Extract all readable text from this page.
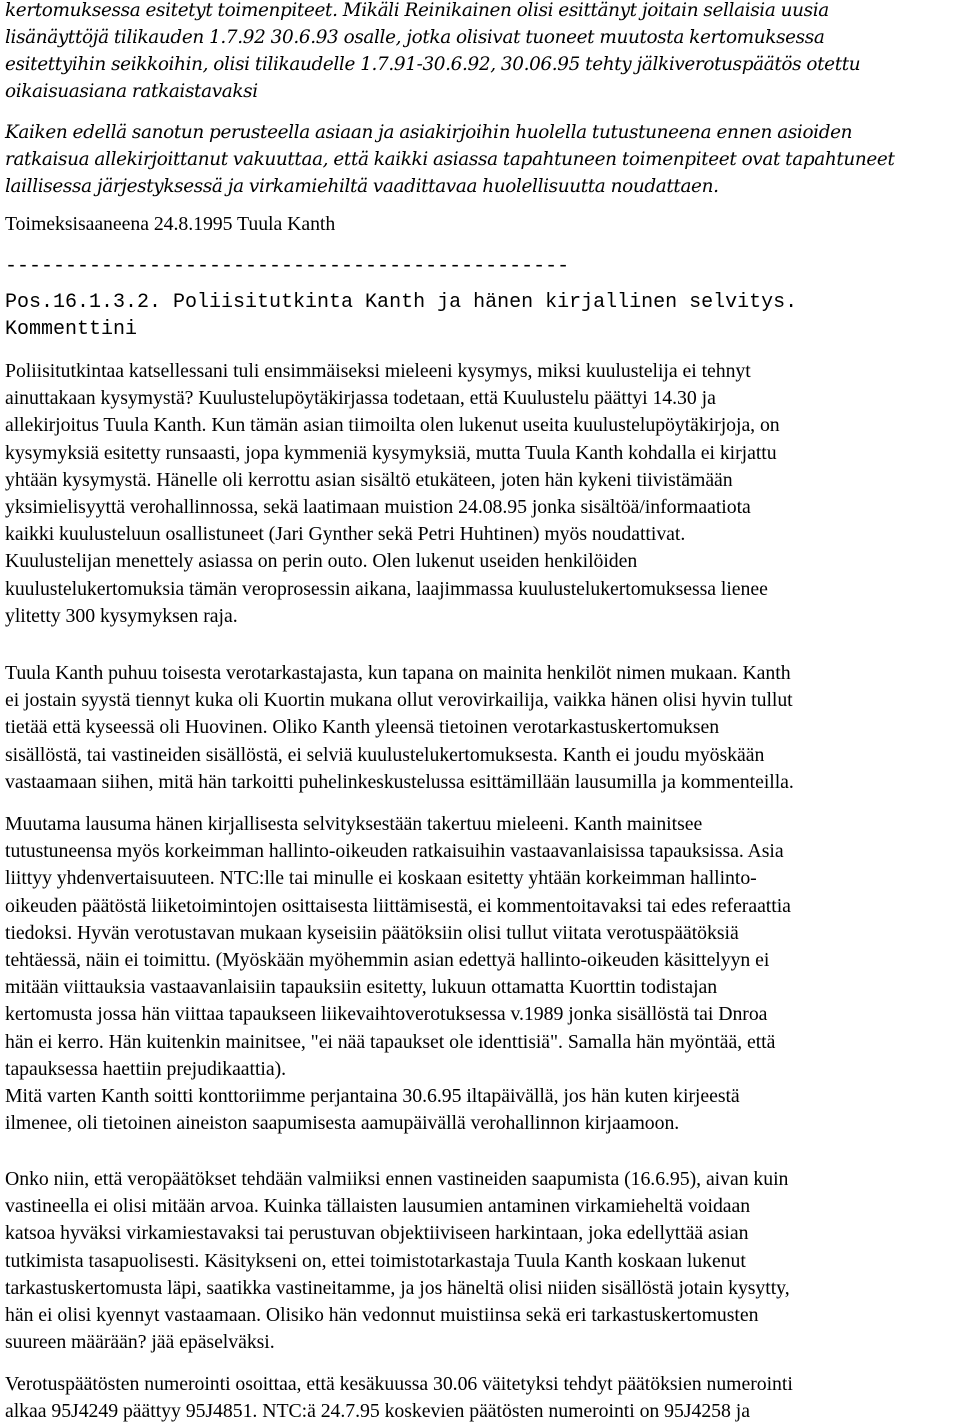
kertomuksessa esitetyt toimenpiteet. Mikäli Reinikainen olisi esittänyt joitain sellaisia uusia
lisänäyttöjä tilikauden 1.7.92 30.6.93 osalle, jotka olisivat tuoneet muutosta kertomuksessa
esitettyihin seikkoihin, olisi tilikaudelle 1.7.91-30.6.92, 30.06.95 tehty jälkiverotuspäätös otettu
oikaisuasiana ratkaistavaksi
Kaiken edellä sanotun perusteella asiaan ja asiakirjoihin huolella tutustuneena ennen asioiden
ratkaisua allekirjoittanut vakuuttaa, että kaikki asiassa tapahtuneen toimenpiteet ovat tapahtuneet
laillisessa järjestyksessä ja virkamiehiltä vaadittavaa huolellisuutta noudattaen.
Toimeksisaaneena 24.8.1995 Tuula Kanth
-----------------------------------------------
Pos.16.1.3.2. Poliisitutkinta Kanth ja hänen kirjallinen selvitys.
Kommenttini
Poliisitutkintaa katsellessani tuli ensimmäiseksi mieleeni kysymys, miksi kuulustelija ei tehnyt
ainuttakaan kysymystä? Kuulustelupöytäkirjassa todetaan, että Kuulustelu päättyi 14.30 ja
allekirjoitus Tuula Kanth. Kun tämän asian tiimoilta olen lukenut useita kuulustelupöytäkirjoja, on
kysymyksiä esitetty runsaasti, jopa kymmeniä kysymyksiä, mutta Tuula Kanth kohdalla ei kirjattu
yhtään kysymystä. Hänelle oli kerrottu asian sisältö etukäteen, joten hän kykeni tiivistämään
yksimielisyyttä verohallinnossa, sekä laatimaan muistion 24.08.95 jonka sisältöä/informaatiota
kaikki kuulusteluun osallistuneet (Jari Gynther sekä Petri Huhtinen) myös noudattivat.
Kuulustelijan menettely asiassa on perin outo. Olen lukenut useiden henkilöiden
kuulustelukertomuksia tämän veroprosessin aikana, laajimmassa kuulustelukertomuksessa lienee
ylitetty 300 kysymyksen raja.
Tuula Kanth puhuu toisesta verotarkastajasta, kun tapana on mainita henkilöt nimen mukaan. Kanth
ei jostain syystä tiennyt kuka oli Kuortin mukana ollut verovirkailija, vaikka hänen olisi hyvin tullut
tietää että kyseessä oli Huovinen. Oliko Kanth yleensä tietoinen verotarkastuskertomuksen
sisällöstä, tai vastineiden sisällöstä, ei selviä kuulustelukertomuksesta. Kanth ei joudu myöskään
vastaamaan siihen, mitä hän tarkoitti puhelinkeskustelussa esittämillään lausumilla ja kommenteilla.
Muutama lausuma hänen kirjallisesta selvityksestään takertuu mieleeni. Kanth mainitsee
tutustuneensa myös korkeimman hallinto-oikeuden ratkaisuihin vastaavanlaisissa tapauksissa. Asia
liittyy yhdenvertaisuuteen. NTC:lle tai minulle ei koskaan esitetty yhtään korkeimman hallinto-
oikeuden päätöstä liiketoimintojen osittaisesta liittämisestä, ei kommentoitavaksi tai edes referaattia
tiedoksi. Hyvän verotustavan mukaan kyseisiin päätöksiin olisi tullut viitata verotuspäätöksiä
tehtäessä, näin ei toimittu. (Myöskään myöhemmin asian edettyä hallinto-oikeuden käsittelyyn ei
mitään viittauksia vastaavanlaisiin tapauksiin esitetty, lukuun ottamatta Kuorttin todistajan
kertomusta jossa hän viittaa tapaukseen liikevaihtoverotuksessa v.1989 jonka sisällöstä tai Dnroa
hän ei kerro. Hän kuitenkin mainitsee, "ei nää tapaukset ole identtisiä". Samalla hän myöntää, että
tapauksessa haettiin prejudikaattia).
Mitä varten Kanth soitti konttoriimme perjantaina 30.6.95 iltapäivällä, jos hän kuten kirjeestä
ilmenee, oli tietoinen aineiston saapumisesta aamupäivällä verohallinnon kirjaamoon.
Onko niin, että veropäätökset tehdään valmiiksi ennen vastineiden saapumista (16.6.95), aivan kuin
vastineella ei olisi mitään arvoa. Kuinka tällaisten lausumien antaminen virkamieheltä voidaan
katsoa hyväksi virkamiestavaksi tai perustuvan objektiiviseen harkintaan, joka edellyttää asian
tutkimista tasapuolisesti. Käsitykseni on, ettei toimistotarkastaja Tuula Kanth koskaan lukenut
tarkastuskertomusta läpi, saatikka vastineitamme, ja jos häneltä olisi niiden sisällöstä jotain kysytty,
hän ei olisi kyennyt vastaamaan. Olisiko hän vedonnut muistiinsa sekä eri tarkastuskertomusten
suureen määrään? jää epäselväksi.
Verotuspäätösten numerointi osoittaa, että kesäkuussa 30.06 väitetyksi tehdyt päätöksien numerointi
alkaa 95J4249 päättyy 95J4851. NTC:ä 24.7.95 koskevien päätösten numerointi on 95J4258 ja
